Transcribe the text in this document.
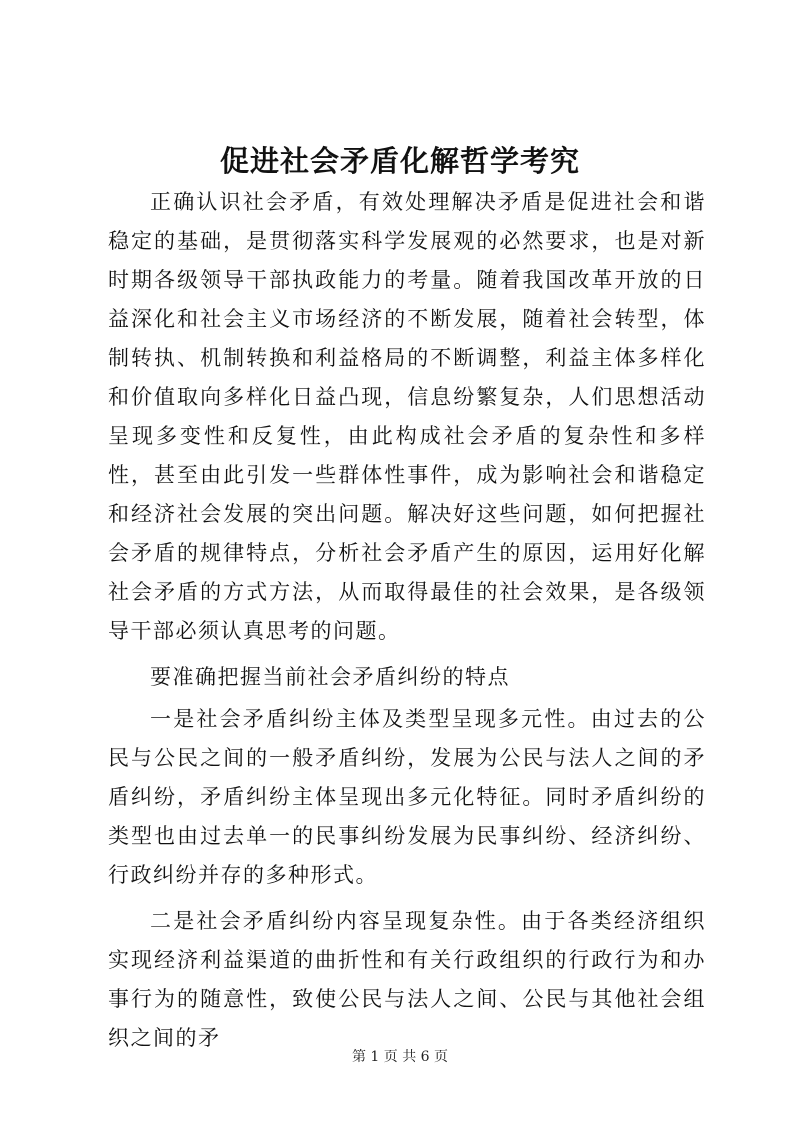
促进社会矛盾化解哲学考究

正确认识社会矛盾，有效处理解决矛盾是促进社会和谐稳定的基础，是贯彻落实科学发展观的必然要求，也是对新时期各级领导干部执政能力的考量。随着我国改革开放的日益深化和社会主义市场经济的不断发展，随着社会转型，体制转执、机制转换和利益格局的不断调整，利益主体多样化和价值取向多样化日益凸现，信息纷繁复杂，人们思想活动呈现多变性和反复性，由此构成社会矛盾的复杂性和多样性，甚至由此引发一些群体性事件，成为影响社会和谐稳定和经济社会发展的突出问题。解决好这些问题，如何把握社会矛盾的规律特点，分析社会矛盾产生的原因，运用好化解社会矛盾的方式方法，从而取得最佳的社会效果，是各级领导干部必须认真思考的问题。

要准确把握当前社会矛盾纠纷的特点

一是社会矛盾纠纷主体及类型呈现多元性。由过去的公民与公民之间的一般矛盾纠纷，发展为公民与法人之间的矛盾纠纷，矛盾纠纷主体呈现出多元化特征。同时矛盾纠纷的类型也由过去单一的民事纠纷发展为民事纠纷、经济纠纷、行政纠纷并存的多种形式。

二是社会矛盾纠纷内容呈现复杂性。由于各类经济组织实现经济利益渠道的曲折性和有关行政组织的行政行为和办事行为的随意性，致使公民与法人之间、公民与其他社会组织之间的矛

第 1 页 共 6 页
